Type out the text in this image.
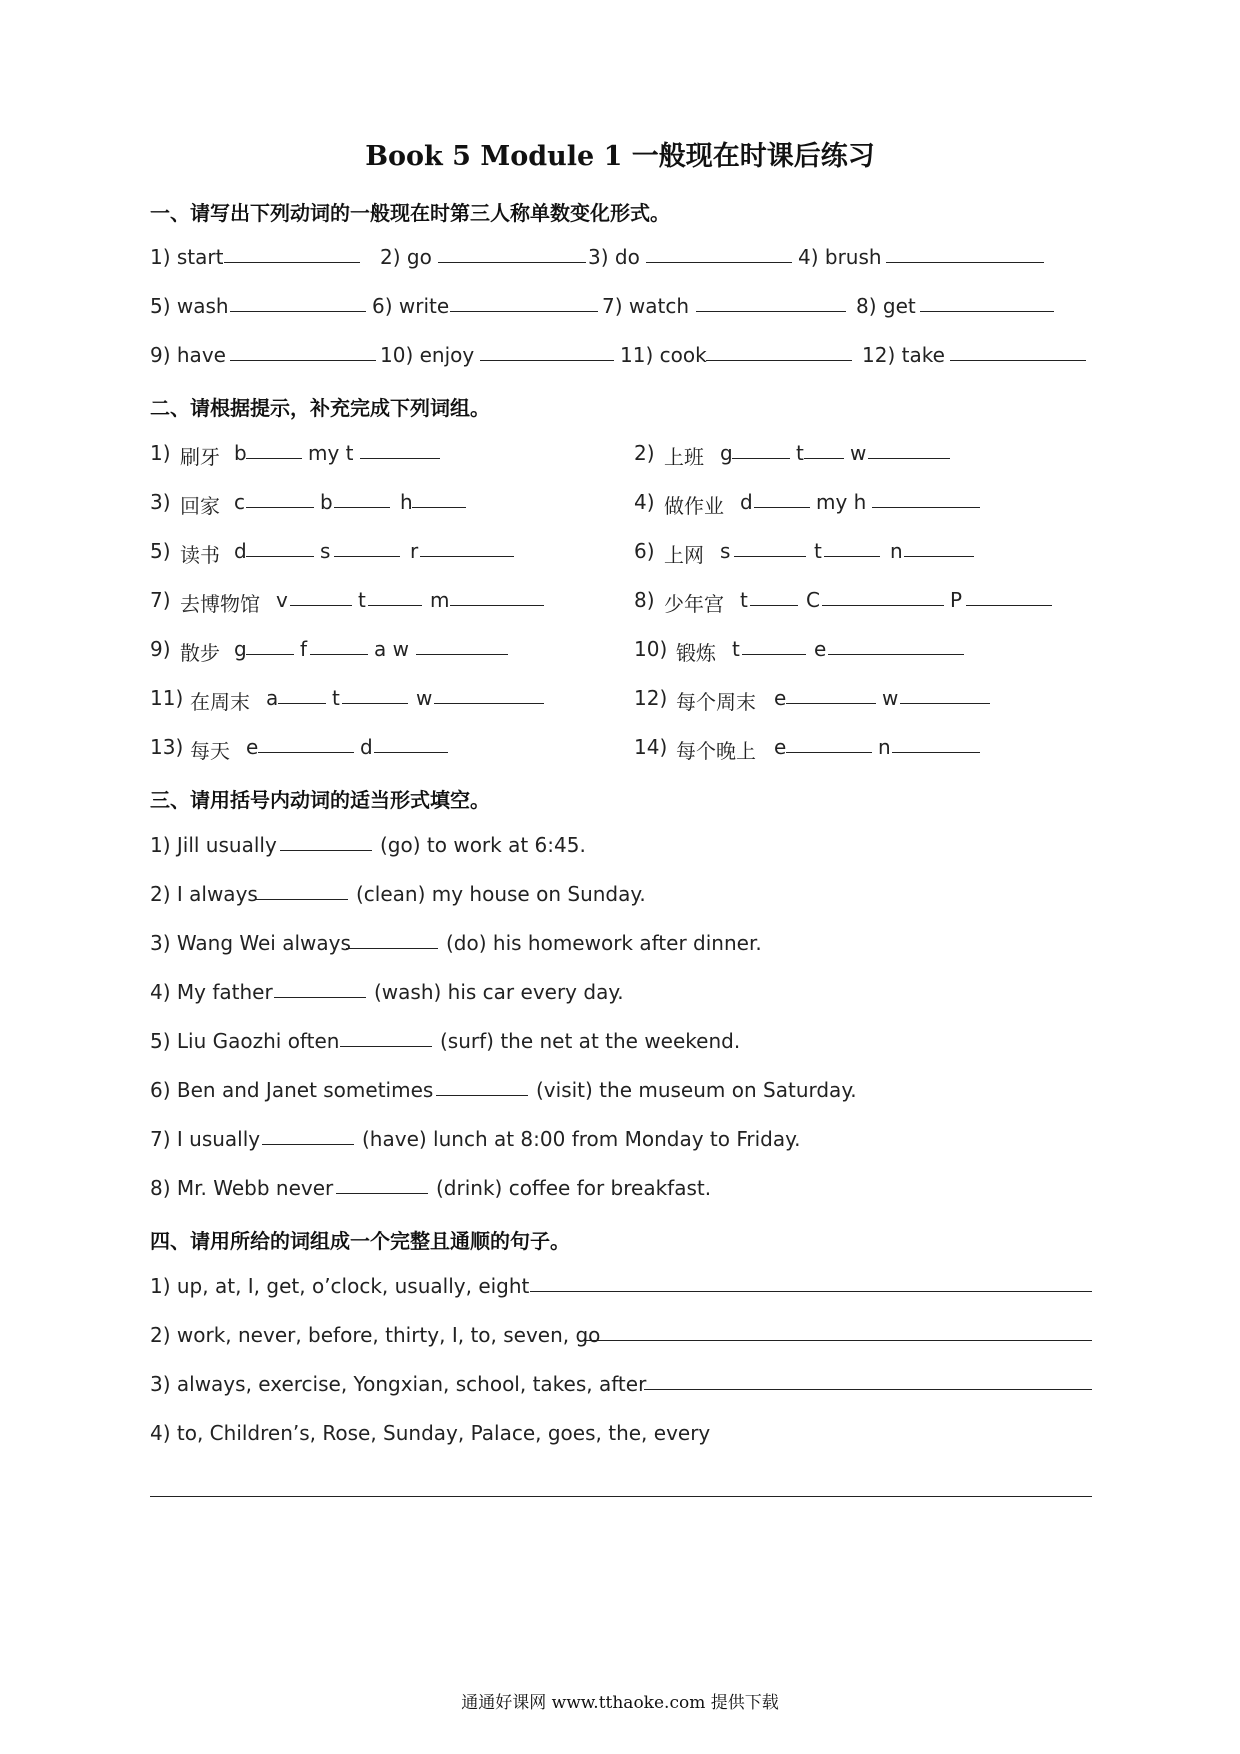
Book 5 Module 1 一般现在时课后练习
一、请写出下列动词的一般现在时第三人称单数变化形式。
1) start	2) go	3) do	4) brush
5) wash	6) write	7) watch	8) get
9) have	10) enjoy	11) cook	12) take
二、请根据提示，补充完成下列词组。
1) 刷牙 b	my t	2) 上班 g	t w
3) 回家 c	b	h	4) 做作业 d	my h
5) 读书 d	s	r	6) 上网 s	t	n
7) 去博物馆 v	t	m	8) 少年宫 t	C	P
9) 散步 g	f	a w	10) 锻炼 t	e
11) 在周末 a	t	w	12) 每个周末 e	w
13) 每天 e	d	14) 每个晚上 e	n
三、请用括号内动词的适当形式填空。
1) Jill usually	(go) to work at 6:45.
2) I always	(clean) my house on Sunday.
3) Wang Wei always	(do) his homework after dinner.
4) My father	(wash) his car every day.
5) Liu Gaozhi often	(surf) the net at the weekend.
6) Ben and Janet sometimes	(visit) the museum on Saturday.
7) I usually	(have) lunch at 8:00 from Monday to Friday.
8) Mr. Webb never	(drink) coffee for breakfast.
四、请用所给的词组成一个完整且通顺的句子。
1) up, at, I, get, o’clock, usually, eight
2) work, never, before, thirty, I, to, seven, go
3) always, exercise, Yongxian, school, takes, after
4) to, Children’s, Rose, Sunday, Palace, goes, the, every
通通好课网 www.tthaoke.com 提供下载
